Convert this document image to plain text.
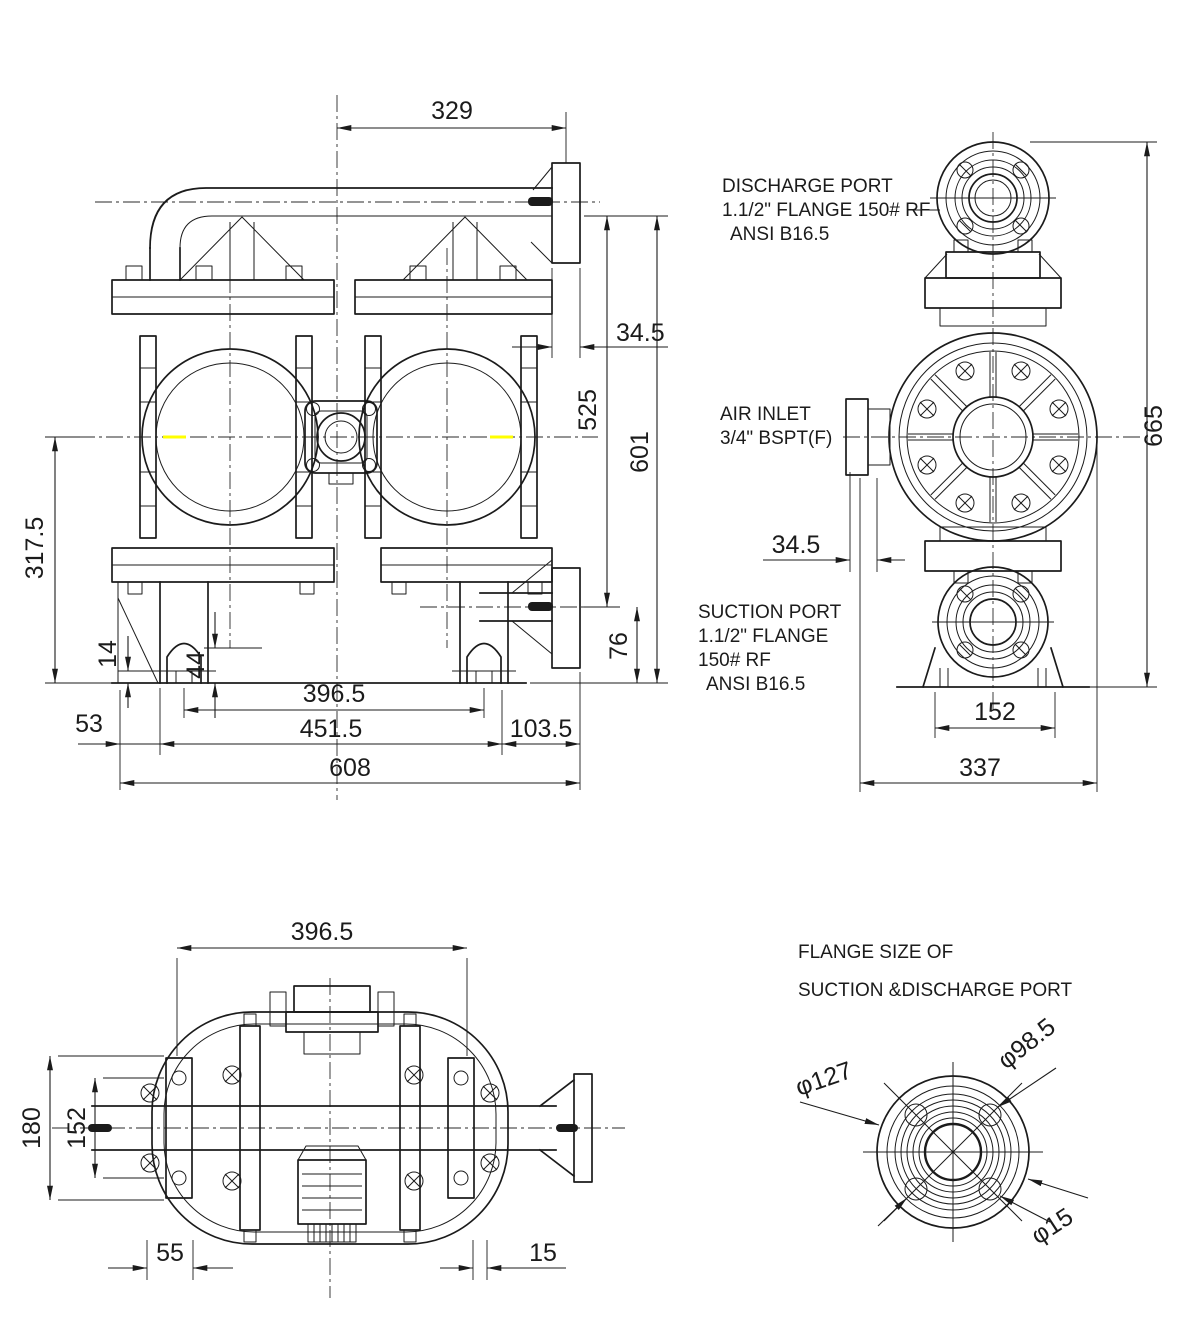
329
34.5
525
601
76
317.5
14 44
396.5
53	451.5	103.5
608
DISCHARGE PORT
1.1/2" FLANGE 150# RF
ANSI B16.5
AIR INLET
3/4" BSPT(F)
SUCTION PORT
1.1/2" FLANGE
150# RF
ANSI B16.5
34.5
665
152
337
396.5
180 152
55	15
FLANGE SIZE OF
SUCTION &DISCHARGE PORT
φ127
φ98.5
φ15
